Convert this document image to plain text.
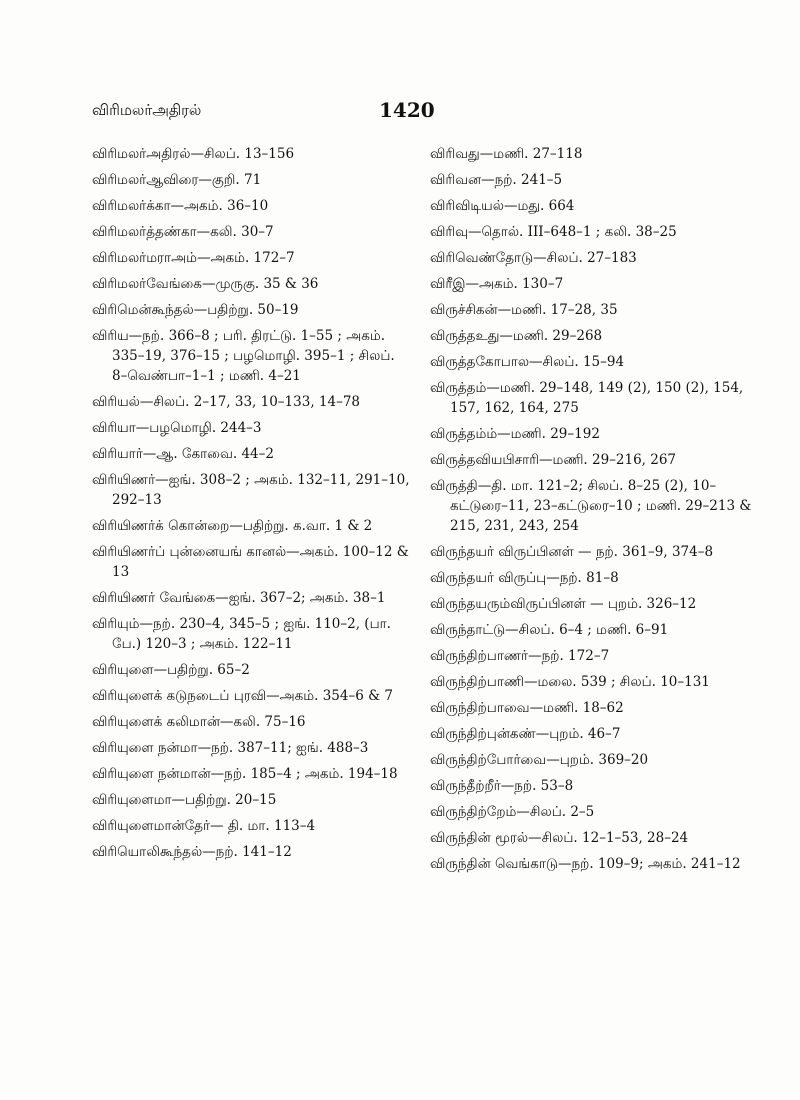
விரிமலர்அதிரல்	1420
விரிமலர்அதிரல்—சிலப். 13–156
விரிமலர்ஆவிரை—குறி. 71
விரிமலர்க்கா—அகம். 36–10
விரிமலர்த்தண்கா—கலி. 30–7
விரிமலர்மராஅம்—அகம். 172–7
விரிமலர்வேங்கை—முருகு. 35 & 36
விரிமென்கூந்தல்—பதிற்று. 50–19
விரிய—நற். 366–8 ; பரி. திரட்டு. 1–55 ; அகம். 335–19, 376–15 ; பழமொழி. 395–1 ; சிலப். 8–வெண்பா–1–1 ; மணி. 4–21
விரியல்—சிலப். 2–17, 33, 10–133, 14–78
விரியா—பழமொழி. 244–3
விரியார்—ஆ. கோவை. 44–2
விரியிணர்—ஐங். 308–2 ; அகம். 132–11, 291–10, 292–13
விரியிணர்க் கொன்றை—பதிற்று. க.வா. 1 & 2
விரியிணர்ப் புன்னையங் கானல்—அகம். 100–12 & 13
விரியிணர் வேங்கை—ஐங். 367–2; அகம். 38–1
விரியும்—நற். 230–4, 345–5 ; ஐங். 110–2, (பா. பே.) 120–3 ; அகம். 122–11
விரியுளை—பதிற்று. 65–2
விரியுளைக் கடுநடைப் புரவி—அகம். 354–6 & 7
விரியுளைக் கலிமான்—கலி. 75–16
விரியுளை நன்மா—நற். 387–11; ஐங். 488–3
விரியுளை நன்மான்—நற். 185–4 ; அகம். 194–18
விரியுளைமா—பதிற்று. 20–15
விரியுளைமான்தேர்— தி. மா. 113–4
விரியொலிகூந்தல்—நற். 141–12
விரிவது—மணி. 27–118
விரிவன—நற். 241–5
விரிவிடியல்—மது. 664
விரிவு—தொல். III–648–1 ; கலி. 38–25
விரிவெண்தோடு—சிலப். 27–183
விரீஇ—அகம். 130–7
விருச்சிகன்—மணி. 17–28, 35
விருத்தஉது—மணி. 29–268
விருத்தகோபால—சிலப். 15–94
விருத்தம்—மணி. 29–148, 149 (2), 150 (2), 154, 157, 162, 164, 275
விருத்தம்ம்—மணி. 29–192
விருத்தவியபிசாரி—மணி. 29–216, 267
விருத்தி—தி. மா. 121–2; சிலப். 8–25 (2), 10–கட்டுரை–11, 23–கட்டுரை–10 ; மணி. 29–213 & 215, 231, 243, 254
விருந்தயர் விருப்பினள் — நற். 361–9, 374–8
விருந்தயர் விருப்பு—நற். 81–8
விருந்தயரும்விருப்பினள் — புறம். 326–12
விருந்தாட்டு—சிலப். 6–4 ; மணி. 6–91
விருந்திற்பாணர்—நற். 172–7
விருந்திற்பாணி—மலை. 539 ; சிலப். 10–131
விருந்திற்பாவை—மணி. 18–62
விருந்திற்புன்கண்—புறம். 46–7
விருந்திற்போர்வை—புறம். 369–20
விருந்தீற்றீர்—நற். 53–8
விருந்திற்றேம்—சிலப். 2–5
விருந்தின் மூரல்—சிலப். 12–1–53, 28–24
விருந்தின் வெங்காடு—நற். 109–9; அகம். 241–12
